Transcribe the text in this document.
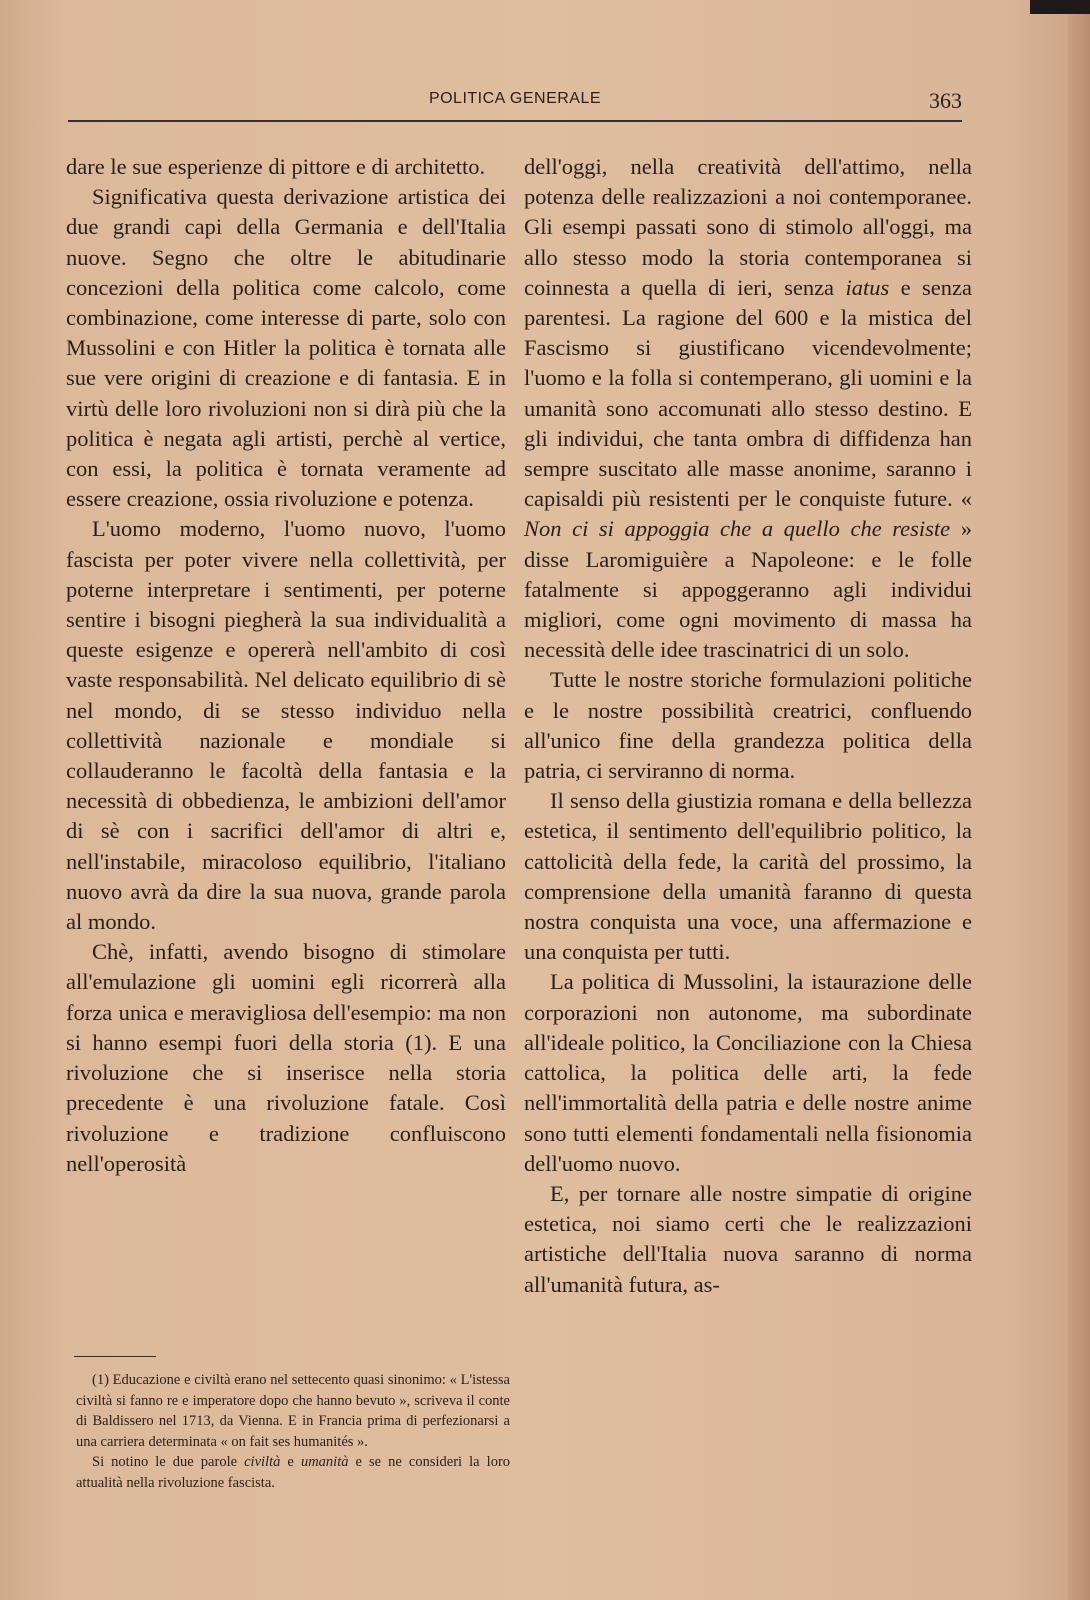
POLITICA GENERALE	363

dare le sue esperienze di pittore e di architetto.

Significativa questa derivazione artistica dei due grandi capi della Germania e dell'Italia nuove. Segno che oltre le abitudinarie concezioni della politica come calcolo, come combinazione, come interesse di parte, solo con Mussolini e con Hitler la politica è tornata alle sue vere origini di creazione e di fantasia. E in virtù delle loro rivoluzioni non si dirà più che la politica è negata agli artisti, perchè al vertice, con essi, la politica è tornata veramente ad essere creazione, ossia rivoluzione e potenza.

L'uomo moderno, l'uomo nuovo, l'uomo fascista per poter vivere nella collettività, per poterne interpretare i sentimenti, per poterne sentire i bisogni piegherà la sua individualità a queste esigenze e opererà nell'ambito di così vaste responsabilità. Nel delicato equilibrio di sè nel mondo, di se stesso individuo nella collettività nazionale e mondiale si collauderanno le facoltà della fantasia e la necessità di obbedienza, le ambizioni dell'amor di sè con i sacrifici dell'amor di altri e, nell'instabile, miracoloso equilibrio, l'italiano nuovo avrà da dire la sua nuova, grande parola al mondo.

Chè, infatti, avendo bisogno di stimolare all'emulazione gli uomini egli ricorrerà alla forza unica e meravigliosa dell'esempio: ma non si hanno esempi fuori della storia (1). E una rivoluzione che si inserisce nella storia precedente è una rivoluzione fatale. Così rivoluzione e tradizione confluiscono nell'operosità

dell'oggi, nella creatività dell'attimo, nella potenza delle realizzazioni a noi contemporanee. Gli esempi passati sono di stimolo all'oggi, ma allo stesso modo la storia contemporanea si coinnesta a quella di ieri, senza iatus e senza parentesi. La ragione del 600 e la mistica del Fascismo si giustificano vicendevolmente; l'uomo e la folla si contemperano, gli uomini e la umanità sono accomunati allo stesso destino. E gli individui, che tanta ombra di diffidenza han sempre suscitato alle masse anonime, saranno i capisaldi più resistenti per le conquiste future. « Non ci si appoggia che a quello che resiste » disse Laromiguière a Napoleone: e le folle fatalmente si appoggeranno agli individui migliori, come ogni movimento di massa ha necessità delle idee trascinatrici di un solo.

Tutte le nostre storiche formulazioni politiche e le nostre possibilità creatrici, confluendo all'unico fine della grandezza politica della patria, ci serviranno di norma.

Il senso della giustizia romana e della bellezza estetica, il sentimento dell'equilibrio politico, la cattolicità della fede, la carità del prossimo, la comprensione della umanità faranno di questa nostra conquista una voce, una affermazione e una conquista per tutti.

La politica di Mussolini, la istaurazione delle corporazioni non autonome, ma subordinate all'ideale politico, la Conciliazione con la Chiesa cattolica, la politica delle arti, la fede nell'immortalità della patria e delle nostre anime sono tutti elementi fondamentali nella fisionomia dell'uomo nuovo.

E, per tornare alle nostre simpatie di origine estetica, noi siamo certi che le realizzazioni artistiche dell'Italia nuova saranno di norma all'umanità futura, as-

(1) Educazione e civiltà erano nel settecento quasi sinonimo: « L'istessa civiltà si fanno re e imperatore dopo che hanno bevuto », scriveva il conte di Baldissero nel 1713, da Vienna. E in Francia prima di perfezionarsi a una carriera determinata « on fait ses humanités ».

Si notino le due parole civiltà e umanità e se ne consideri la loro attualità nella rivoluzione fascista.
